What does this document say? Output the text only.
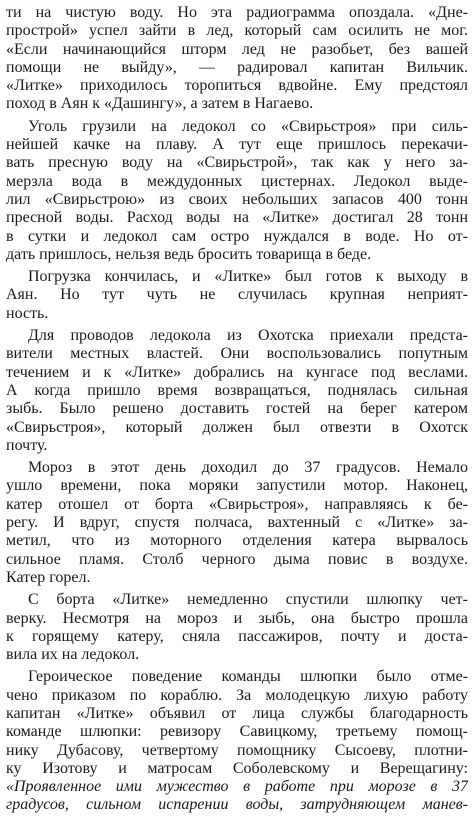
ти на чистую воду. Но эта радиограмма опоздала. «Дне-
прострой» успел зайти в лед, который сам осилить не мог.
«Если начинающийся шторм лед не разобьет, без вашей
помощи не выйду», — радировал капитан Вильчик.
«Литке» приходилось торопиться вдвойне. Ему предстоял
поход в Аян к «Дашингу», а затем в Нагаево.
Уголь грузили на ледокол со «Свирьстроя» при силь-
нейшей качке на плаву. А тут еще пришлось перекачи-
вать пресную воду на «Свирьстрой», так как у него за-
мерзла вода в междудонных цистернах. Ледокол выде-
лил «Свирьстрою» из своих небольших запасов 400 тонн
пресной воды. Расход воды на «Литке» достигал 28 тонн
в сутки и ледокол сам остро нуждался в воде. Но от-
дать пришлось, нельзя ведь бросить товарища в беде.
Погрузка кончилась, и «Литке» был готов к выходу в
Аян. Но тут чуть не случилась крупная неприят-
ность.
Для проводов ледокола из Охотска приехали предста-
вители местных властей. Они воспользовались попутным
течением и к «Литке» добрались на кунгасе под веслами.
А когда пришло время возвращаться, поднялась сильная
зыбь. Было решено доставить гостей на берег катером
«Свирьстроя», который должен был отвезти в Охотск
почту.
Мороз в этот день доходил до 37 градусов. Немало
ушло времени, пока моряки запустили мотор. Наконец,
катер отошел от борта «Свирьстроя», направляясь к бе-
регу. И вдруг, спустя полчаса, вахтенный с «Литке» за-
метил, что из моторного отделения катера вырвалось
сильное пламя. Столб черного дыма повис в воздухе.
Катер горел.
С борта «Литке» немедленно спустили шлюпку чет-
верку. Несмотря на мороз и зыбь, она быстро прошла
к горящему катеру, сняла пассажиров, почту и доста-
вила их на ледокол.
Героическое поведение команды шлюпки было отме-
чено приказом по кораблю. За молодецкую лихую работу
капитан «Литке» объявил от лица службы благодарность
команде шлюпки: ревизору Савицкому, третьему помощ-
нику Дубасову, четвертому помощнику Сысоеву, плотни-
ку Изотову и матросам Соболевскому и Верещагину:
«Проявленное ими мужество в работе при морозе в 37
градусов, сильном испарении воды, затрудняющем манев-
